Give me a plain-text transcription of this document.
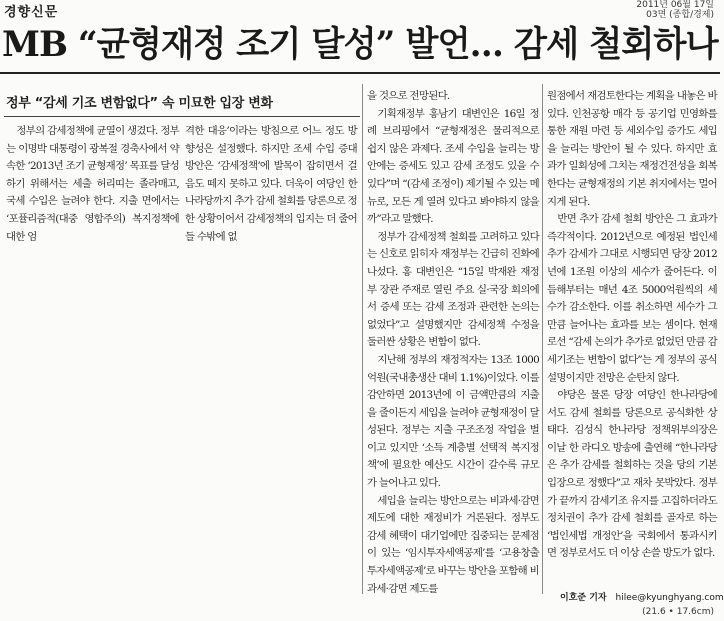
경향신문	2011년 06월 17일
03면 (종합/경제)
MB “균형재정 조기 달성” 발언… 감세 철회하나
정부 “감세 기조 변함없다” 속 미묘한 입장 변화

정부의 감세정책에 균열이 생겼다. 정부는 이명박 대통령이 광복절 경축사에서 약속한 ‘2013년 조기 균형재정’ 목표를 달성하기 위해서는 세출 허리띠는 졸라매고, 국세 수입은 늘려야 한다. 지출 면에서는 ‘포퓰리즘적(대중 영합주의) 복지정책에 대한 엄

격한 대응’이라는 방침으로 어느 정도 방향성은 설정했다. 하지만 조세 수입 증대 방안은 ‘감세정책’에 발목이 잡히면서 걸음도 떼지 못하고 있다. 더욱이 여당인 한나라당까지 추가 감세 철회를 당론으로 정한 상황이어서 감세정책의 입지는 더 줄어들 수밖에 없

을 것으로 전망된다.

기획재정부 홍남기 대변인은 16일 정례 브리핑에서 “균형재정은 물리적으로 쉽지 않은 과제다. 조세 수입을 늘리는 방안에는 증세도 있고 감세 조정도 있을 수 있다”며 “(감세 조정이) 제기될 수 있는 메뉴로, 모든 게 열려 있다고 봐야하지 않을까”라고 말했다.

정부가 감세정책 철회를 고려하고 있다는 신호로 읽히자 재정부는 긴급히 진화에 나섰다. 홍 대변인은 “15일 박재완 재정부 장관 주재로 열린 주요 실·국장 회의에서 증세 또는 감세 조정과 관련한 논의는 없었다”고 설명했지만 감세정책 수정을 둘러싼 상황은 변함이 없다.

지난해 정부의 재정적자는 13조 1000억원(국내총생산 대비 1.1%)이었다. 이를 감안하면 2013년에 이 금액만큼의 지출을 줄이든지 세입을 늘려야 균형재정이 달성된다. 정부는 지출 구조조정 작업을 벌이고 있지만 ‘소득 계층별 선택적 복지정책’에 필요한 예산도 시간이 갈수록 규모가 늘어나고 있다.

세입을 늘리는 방안으로는 비과세·감면 제도에 대한 재정비가 거론된다. 정부도 감세 혜택이 대기업에만 집중되는 문제점이 있는 ‘임시투자세액공제’를 ‘고용창출투자세액공제’로 바꾸는 방안을 포함해 비과세·감면 제도를

원점에서 재검토한다는 계획을 내놓은 바 있다. 인천공항 매각 등 공기업 민영화를 통한 재원 마련 등 세외수입 증가도 세입을 늘리는 방안이 될 수 있다. 하지만 효과가 일회성에 그치는 재정건전성을 회복한다는 균형재정의 기본 취지에서는 멀어지게 된다.

반면 추가 감세 철회 방안은 그 효과가 즉각적이다. 2012년으로 예정된 법인세 추가 감세가 그대로 시행되면 당장 2012년에 1조원 이상의 세수가 줄어든다. 이듬해부터는 매년 4조 5000억원씩의 세수가 감소한다. 이를 취소하면 세수가 그만큼 늘어나는 효과를 보는 셈이다. 현재로선 “감세 논의가 추가로 없었던 만큼 감세기조는 변함이 없다”는 게 정부의 공식 설명이지만 전망은 순탄치 않다.

야당은 물론 당장 여당인 한나라당에서도 감세 철회를 당론으로 공식화한 상태다. 김성식 한나라당 정책위부의장은 이날 한 라디오 방송에 출연해 “한나라당은 추가 감세를 철회하는 것을 당의 기본 입장으로 정했다”고 재차 못박았다. 정부가 끝까지 감세기조 유지를 고집하더라도 정치권이 추가 감세 철회를 골자로 하는 ‘법인세법 개정안’을 국회에서 통과시키면 정부로서도 더 이상 손쓸 방도가 없다.

이호준 기자 hilee@kyunghyang.com
(21.6 • 17.6cm)
